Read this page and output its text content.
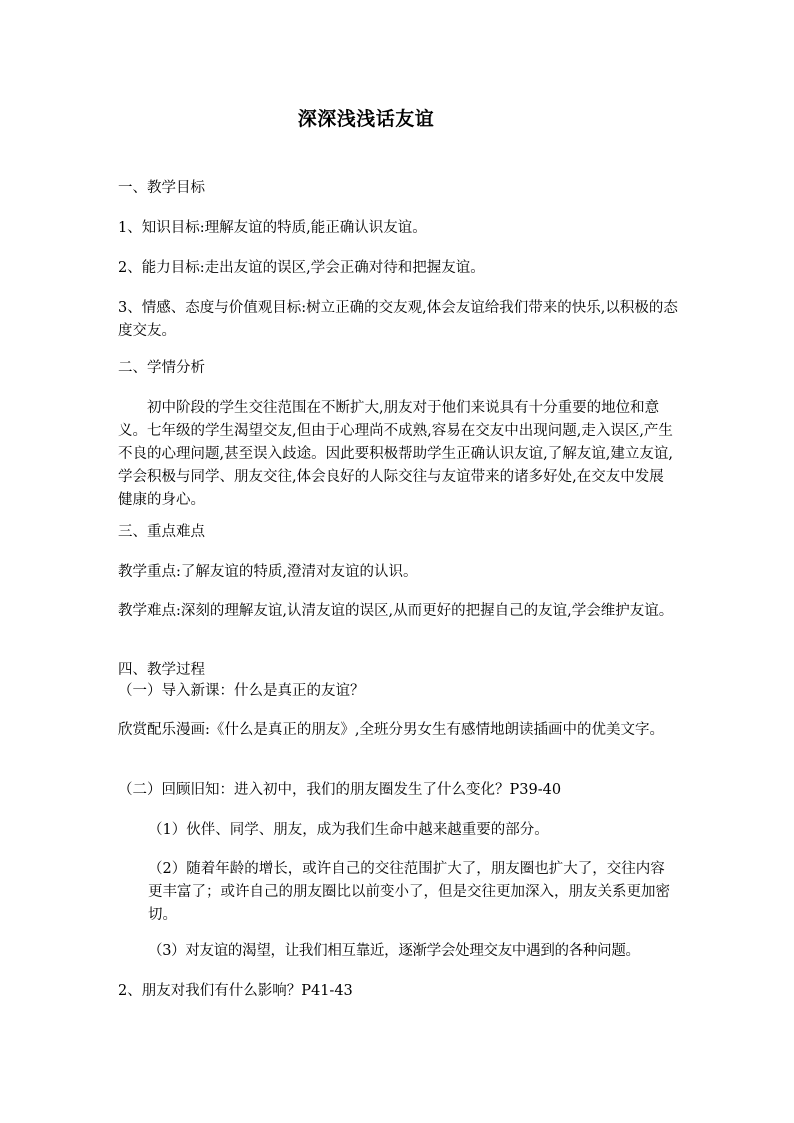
深深浅浅话友谊
一、教学目标
1、知识目标:理解友谊的特质,能正确认识友谊。
2、能力目标:走出友谊的误区,学会正确对待和把握友谊。
3、情感、态度与价值观目标:树立正确的交友观,体会友谊给我们带来的快乐,以积极的态度交友。
二、学情分析
初中阶段的学生交往范围在不断扩大,朋友对于他们来说具有十分重要的地位和意义。七年级的学生渴望交友,但由于心理尚不成熟,容易在交友中出现问题,走入误区,产生不良的心理问题,甚至误入歧途。因此要积极帮助学生正确认识友谊,了解友谊,建立友谊,学会积极与同学、朋友交往,体会良好的人际交往与友谊带来的诸多好处,在交友中发展健康的身心。
三、重点难点
教学重点:了解友谊的特质,澄清对友谊的认识。
教学难点:深刻的理解友谊,认清友谊的误区,从而更好的把握自己的友谊,学会维护友谊。
四、教学过程
（一）导入新课：什么是真正的友谊？
欣赏配乐漫画:《什么是真正的朋友》,全班分男女生有感情地朗读插画中的优美文字。
（二）回顾旧知：进入初中，我们的朋友圈发生了什么变化？P39-40
（1）伙伴、同学、朋友，成为我们生命中越来越重要的部分。
（2）随着年龄的增长，或许自己的交往范围扩大了，朋友圈也扩大了，交往内容更丰富了；或许自己的朋友圈比以前变小了，但是交往更加深入，朋友关系更加密切。
（3）对友谊的渴望，让我们相互靠近，逐渐学会处理交友中遇到的各种问题。
2、朋友对我们有什么影响？P41-43
